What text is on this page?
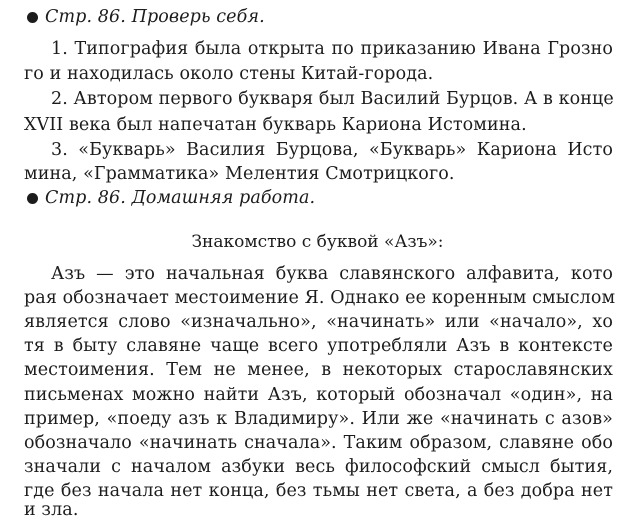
Стр. 86. Проверь себя.
1. Типография была открыта по приказанию Ивана Грозно
го и находилась около стены Китай-города.
2. Автором первого букваря был Василий Бурцов. А в конце
XVII века был напечатан букварь Кариона Истомина.
3. «Букварь» Василия Бурцова, «Букварь» Кариона Исто
мина, «Грамматика» Мелентия Смотрицкого.
Стр. 86. Домашняя работа.
Знакомство с буквой «Азъ»:
Азъ — это начальная буква славянского алфавита, кото
рая обозначает местоимение Я. Однако ее коренным смыслом
является слово «изначально», «начинать» или «начало», хо
тя в быту славяне чаще всего употребляли Азъ в контексте
местоимения. Тем не менее, в некоторых старославянских
письменах можно найти Азъ, который обозначал «один», на
пример, «поеду азъ к Владимиру». Или же «начинать с азов»
обозначало «начинать сначала». Таким образом, славяне обо
значали с началом азбуки весь философский смысл бытия,
где без начала нет конца, без тьмы нет света, а без добра нет
и зла.
